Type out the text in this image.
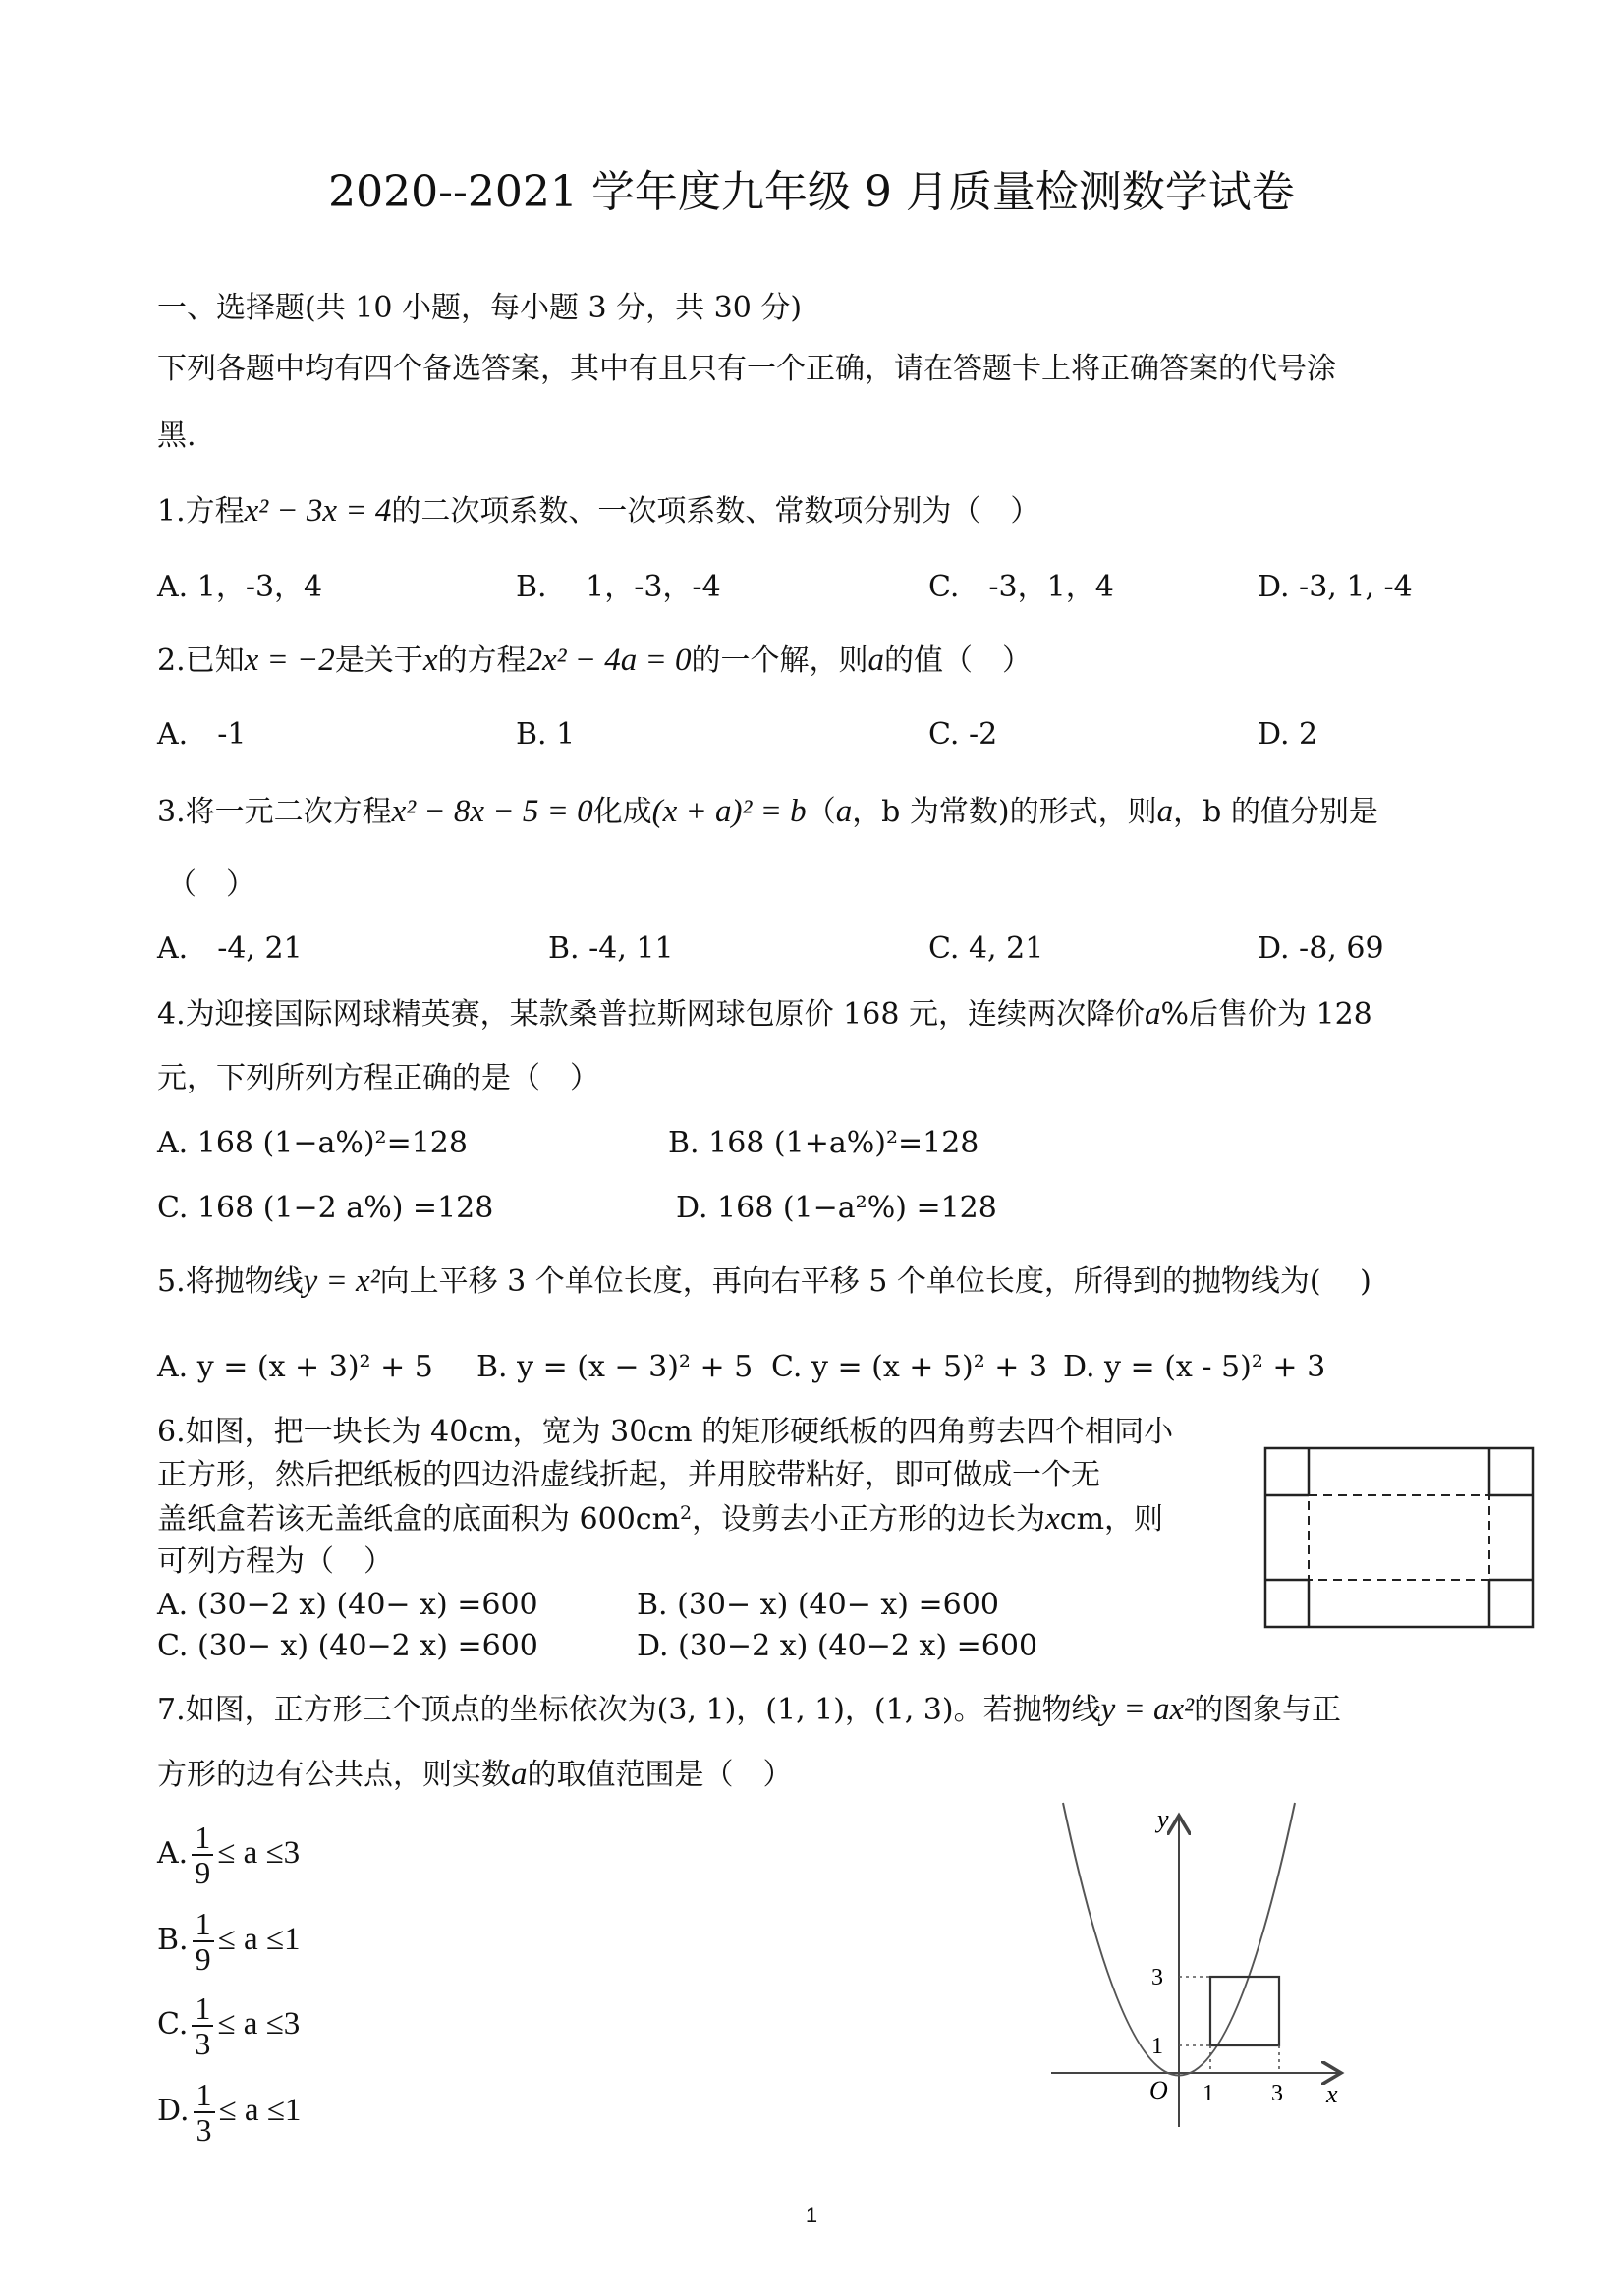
2020--2021 学年度九年级 9 月质量检测数学试卷
一、选择题(共 10 小题，每小题 3 分，共 30 分)
下列各题中均有四个备选答案，其中有且只有一个正确，请在答题卡上将正确答案的代号涂
黑.
1.方程x² − 3x = 4的二次项系数、一次项系数、常数项分别为（　）
A. 1，-3，4	B.　 1，-3，-4	C.　-3，1，4	D. -3, 1, -4
2.已知x = −2是关于x的方程2x² − 4a = 0的一个解，则a的值（　）
A.　-1	B. 1	C. -2	D. 2
3.将一元二次方程x² − 8x − 5 = 0化成(x + a)² = b（a，b 为常数)的形式，则a，b 的值分别是
（　）
A.　-4, 21	B. -4, 11	C. 4, 21	D. -8, 69
4.为迎接国际网球精英赛，某款桑普拉斯网球包原价 168 元，连续两次降价a%后售价为 128
元，下列所列方程正确的是（　）
A. 168 (1−a%)²=128	B. 168 (1+a%)²=128
C. 168 (1−2 a%) =128	D. 168 (1−a²%) =128
5.将抛物线y = x²向上平移 3 个单位长度，再向右平移 5 个单位长度，所得到的抛物线为(　 )
A. y = (x + 3)² + 5 B. y = (x − 3)² + 5 C. y = (x + 5)² + 3 D. y = (x - 5)² + 3
6.如图，把一块长为 40cm，宽为 30cm 的矩形硬纸板的四角剪去四个相同小
正方形，然后把纸板的四边沿虚线折起，并用胶带粘好，即可做成一个无
盖纸盒若该无盖纸盒的底面积为 $600cm^2$，设剪去小正方形的边长为xcm，则
可列方程为（　）
A. (30−2 x) (40− x) =600	B. (30− x) (40− x) =600
C. (30− x) (40−2 x) =600	D. (30−2 x) (40−2 x) =600
7.如图，正方形三个顶点的坐标依次为(3, 1)，(1, 1)，(1, 3)。若抛物线y = ax²的图象与正
方形的边有公共点，则实数a的取值范围是（　）
A. $\frac{1}{9} \le a \le 3$
B. $\frac{1}{9} \le a \le 1$
C. $\frac{1}{3} \le a \le 3$
D. $\frac{1}{3} \le a \le 1$
y
x
O 1 3
3
1
1
